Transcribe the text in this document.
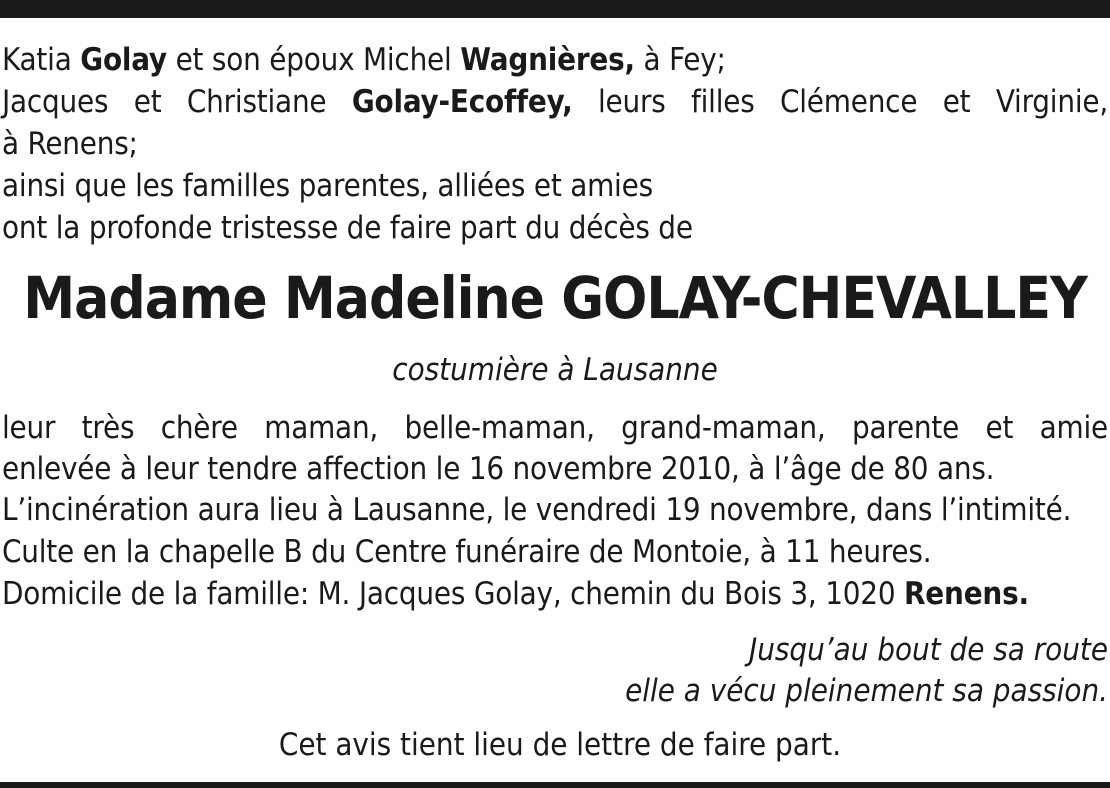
Katia Golay et son époux Michel Wagnières, à Fey;
Jacques et Christiane Golay-Ecoffey, leurs filles Clémence et Virginie,
à Renens;
ainsi que les familles parentes, alliées et amies
ont la profonde tristesse de faire part du décès de
Madame Madeline GOLAY-CHEVALLEY
costumière à Lausanne
leur très chère maman, belle-maman, grand-maman, parente et amie
enlevée à leur tendre affection le 16 novembre 2010, à l’âge de 80 ans.
L’incinération aura lieu à Lausanne, le vendredi 19 novembre, dans l’intimité.
Culte en la chapelle B du Centre funéraire de Montoie, à 11 heures.
Domicile de la famille: M. Jacques Golay, chemin du Bois 3, 1020 Renens.
Jusqu’au bout de sa route
elle a vécu pleinement sa passion.
Cet avis tient lieu de lettre de faire part.
